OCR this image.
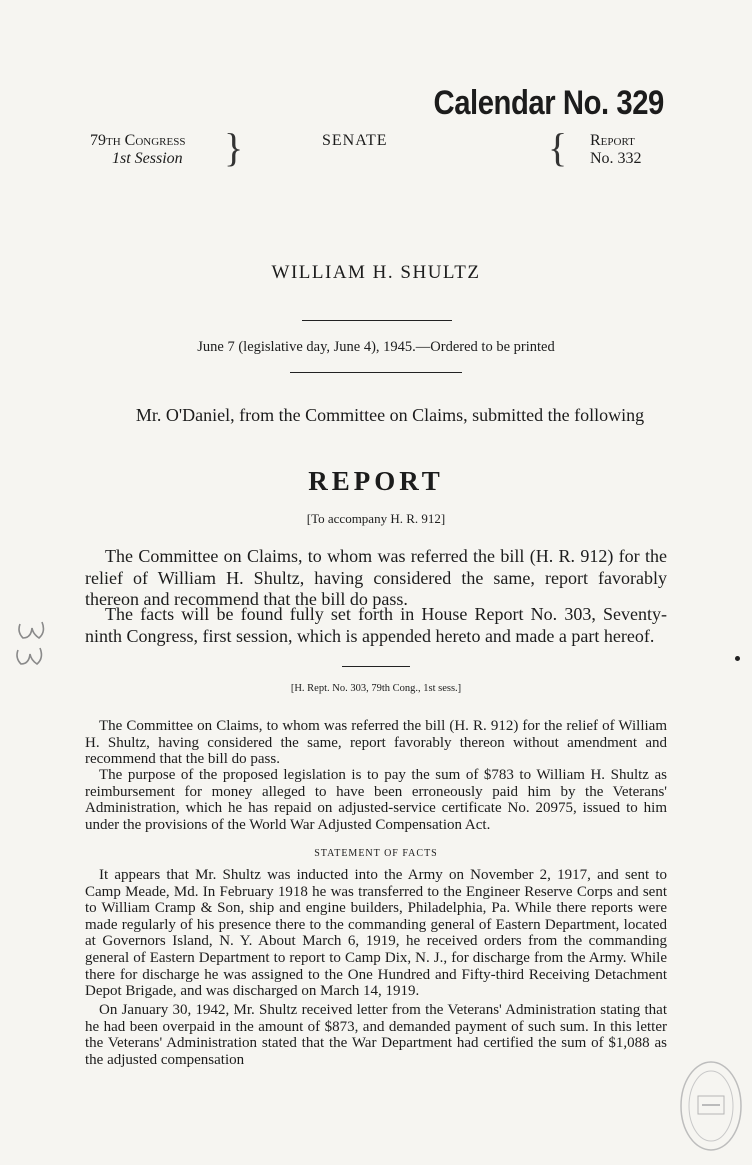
Calendar No. 329
79th Congress
1st Session }	SENATE	{ Report
No. 332
WILLIAM H. SHULTZ
June 7 (legislative day, June 4), 1945.—Ordered to be printed
Mr. O'Daniel, from the Committee on Claims, submitted the following
REPORT
[To accompany H. R. 912]

The Committee on Claims, to whom was referred the bill (H. R. 912) for the relief of William H. Shultz, having considered the same, report favorably thereon and recommend that the bill do pass.

The facts will be found fully set forth in House Report No. 303, Seventy-ninth Congress, first session, which is appended hereto and made a part hereof.

[H. Rept. No. 303, 79th Cong., 1st sess.]

The Committee on Claims, to whom was referred the bill (H. R. 912) for the relief of William H. Shultz, having considered the same, report favorably thereon without amendment and recommend that the bill do pass.

The purpose of the proposed legislation is to pay the sum of $783 to William H. Shultz as reimbursement for money alleged to have been erroneously paid him by the Veterans' Administration, which he has repaid on adjusted-service certificate No. 20975, issued to him under the provisions of the World War Adjusted Compensation Act.

STATEMENT OF FACTS

It appears that Mr. Shultz was inducted into the Army on November 2, 1917, and sent to Camp Meade, Md. In February 1918 he was transferred to the Engineer Reserve Corps and sent to William Cramp & Son, ship and engine builders, Philadelphia, Pa. While there reports were made regularly of his presence there to the commanding general of Eastern Department, located at Governors Island, N. Y. About March 6, 1919, he received orders from the commanding general of Eastern Department to report to Camp Dix, N. J., for discharge from the Army. While there for discharge he was assigned to the One Hundred and Fifty-third Receiving Detachment Depot Brigade, and was discharged on March 14, 1919.

On January 30, 1942, Mr. Shultz received letter from the Veterans' Administration stating that he had been overpaid in the amount of $873, and demanded payment of such sum. In this letter the Veterans' Administration stated that the War Department had certified the sum of $1,088 as the adjusted compensation
